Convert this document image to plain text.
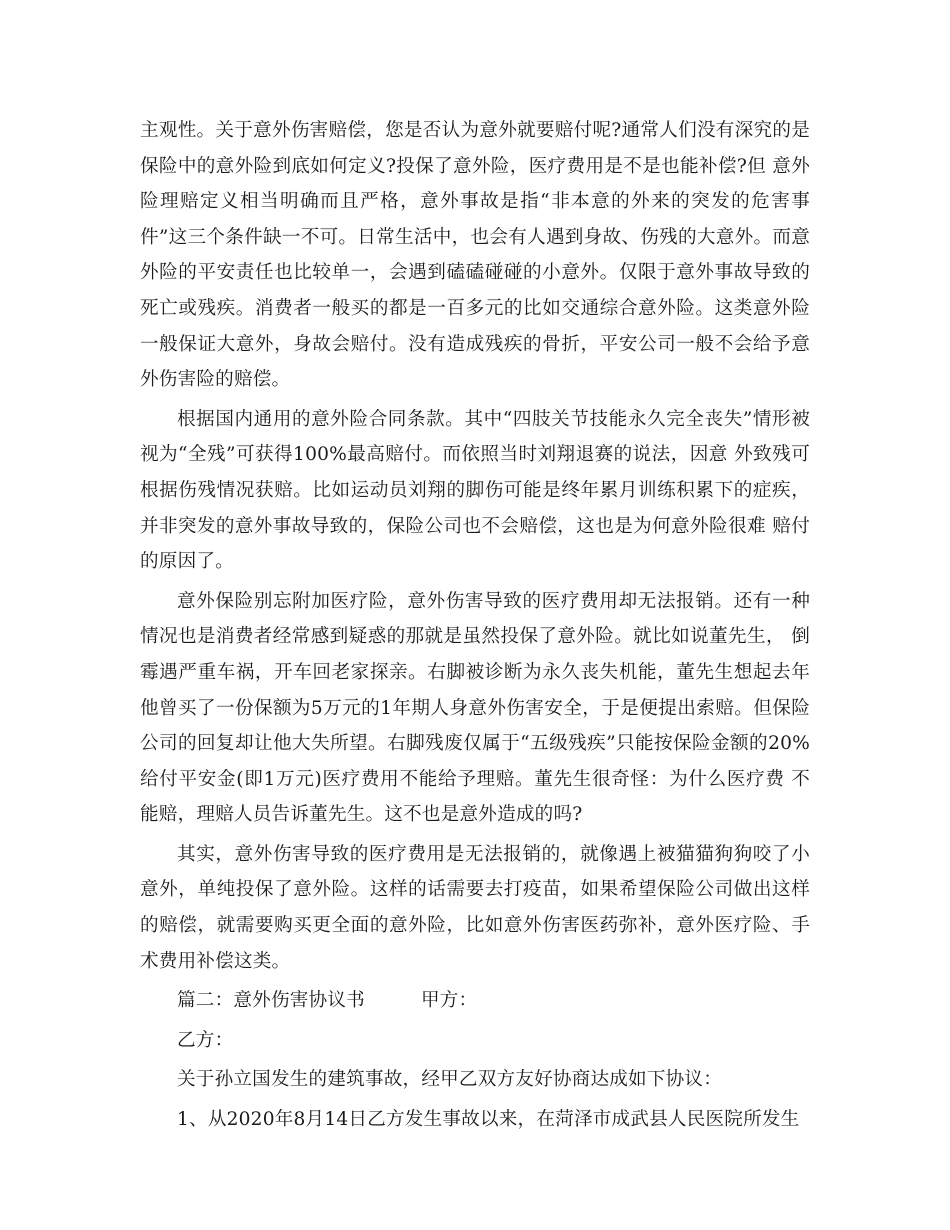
主观性。关于意外伤害赔偿，您是否认为意外就要赔付呢?通常人们没有深究的是保险中的意外险到底如何定义?投保了意外险，医疗费用是不是也能补偿?但 意外险理赔定义相当明确而且严格，意外事故是指“非本意的外来的突发的危害事件”这三个条件缺一不可。日常生活中，也会有人遇到身故、伤残的大意外。而意 外险的平安责任也比较单一，会遇到磕磕碰碰的小意外。仅限于意外事故导致的死亡或残疾。消费者一般买的都是一百多元的比如交通综合意外险。这类意外险一般保证大意外，身故会赔付。没有造成残疾的骨折，平安公司一般不会给予意外伤害险的赔偿。

根据国内通用的意外险合同条款。其中“四肢关节技能永久完全丧失”情形被视为“全残”可获得100%最高赔付。而依照当时刘翔退赛的说法，因意 外致残可根据伤残情况获赔。比如运动员刘翔的脚伤可能是终年累月训练积累下的症疾，并非突发的意外事故导致的，保险公司也不会赔偿，这也是为何意外险很难 赔付的原因了。

意外保险别忘附加医疗险，意外伤害导致的医疗费用却无法报销。还有一种情况也是消费者经常感到疑惑的那就是虽然投保了意外险。就比如说董先生， 倒霉遇严重车祸，开车回老家探亲。右脚被诊断为永久丧失机能，董先生想起去年他曾买了一份保额为5万元的1年期人身意外伤害安全，于是便提出索赔。但保险 公司的回复却让他大失所望。右脚残废仅属于“五级残疾”只能按保险金额的20%给付平安金(即1万元)医疗费用不能给予理赔。董先生很奇怪：为什么医疗费 不能赔，理赔人员告诉董先生。这不也是意外造成的吗?

其实，意外伤害导致的医疗费用是无法报销的，就像遇上被猫猫狗狗咬了小意外，单纯投保了意外险。这样的话需要去打疫苗，如果希望保险公司做出这样的赔偿，就需要购买更全面的意外险，比如意外伤害医药弥补，意外医疗险、手术费用补偿这类。

篇二：意外伤害协议书	甲方：

乙方：

关于孙立国发生的建筑事故，经甲乙双方友好协商达成如下协议：

1、从2020年8月14日乙方发生事故以来，在菏泽市成武县人民医院所发生
